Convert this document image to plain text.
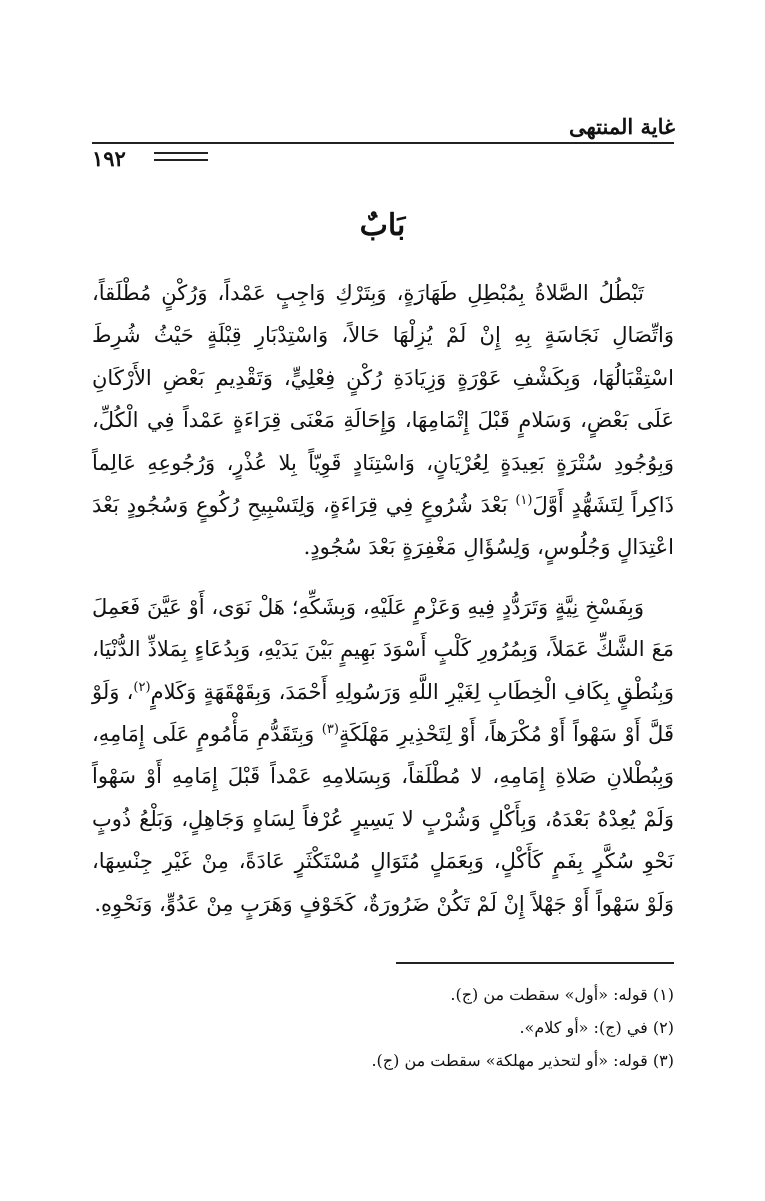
غاية المنتهى
١٩٢
بَابٌ

تَبْطُلُ الصَّلاةُ بِمُبْطِلِ طَهَارَةٍ، وَبِتَرْكِ وَاجِبٍ عَمْداً، وَرُكْنٍ مُطْلَقاً، وَاتِّصَالِ نَجَاسَةٍ بِهِ إِنْ لَمْ يُزِلْهَا حَالاً، وَاسْتِدْبَارِ قِبْلَةٍ حَيْثُ شُرِطَ اسْتِقْبَالُهَا، وَبِكَشْفِ عَوْرَةٍ وَزِيَادَةِ رُكْنٍ فِعْلِيٍّ، وَتَقْدِيمِ بَعْضِ الأَرْكَانِ عَلَى بَعْضٍ، وَسَلامٍ قَبْلَ إِتْمَامِهَا، وَإِحَالَةِ مَعْنَى قِرَاءَةٍ عَمْداً فِي الْكُلِّ، وَبِوُجُودِ سُتْرَةٍ بَعِيدَةٍ لِعُرْيَانٍ، وَاسْتِنَادٍ قَوِيّاً بِلا عُذْرٍ، وَرُجُوعِهِ عَالِماً ذَاكِراً لِتَشَهُّدٍ أَوَّلَ$^{(١)}$ بَعْدَ شُرُوعٍ فِي قِرَاءَةٍ، وَلِتَسْبِيحِ رُكُوعٍ وَسُجُودٍ بَعْدَ اعْتِدَالٍ وَجُلُوسٍ، وَلِسُؤَالِ مَغْفِرَةٍ بَعْدَ سُجُودٍ.

وَبِفَسْخِ نِيَّةٍ وَتَرَدُّدٍ فِيهِ وَعَزْمٍ عَلَيْهِ، وَبِشَكِّهِ؛ هَلْ نَوَى، أَوْ عَيَّنَ فَعَمِلَ مَعَ الشَّكِّ عَمَلاً، وَبِمُرُورِ كَلْبٍ أَسْوَدَ بَهِيمٍ بَيْنَ يَدَيْهِ، وَبِدُعَاءٍ بِمَلاذِّ الدُّنْيَا، وَبِنُطْقٍ بِكَافِ الْخِطَابِ لِغَيْرِ اللَّهِ وَرَسُولِهِ أَحْمَدَ، وَبِقَهْقَهَةٍ وَكَلامٍ$^{(٢)}$، وَلَوْ قَلَّ أَوْ سَهْواً أَوْ مُكْرَهاً، أَوْ لِتَحْذِيرِ مَهْلَكَةٍ$^{(٣)}$ وَبِتَقَدُّمِ مَأْمُومٍ عَلَى إِمَامِهِ، وَبِبُطْلانِ صَلاةِ إِمَامِهِ، لا مُطْلَقاً، وَبِسَلامِهِ عَمْداً قَبْلَ إِمَامِهِ أَوْ سَهْواً وَلَمْ يُعِدْهُ بَعْدَهُ، وَبِأَكْلٍ وَشُرْبٍ لا يَسِيرٍ عُرْفاً لِسَاهٍ وَجَاهِلٍ، وَبَلْعُ ذُوبٍ نَحْوِ سُكَّرٍ بِفَمٍ كَأَكْلٍ، وَبِعَمَلٍ مُتَوَالٍ مُسْتَكْثَرٍ عَادَةً، مِنْ غَيْرِ جِنْسِهَا، وَلَوْ سَهْواً أَوْ جَهْلاً إِنْ لَمْ تَكُنْ ضَرُورَةٌ، كَخَوْفٍ وَهَرَبٍ مِنْ عَدُوٍّ، وَنَحْوِهِ.

(١) قوله: «أول» سقطت من (ج).
(٢) في (ج): «أو كلام».
(٣) قوله: «أو لتحذير مهلكة» سقطت من (ج).
